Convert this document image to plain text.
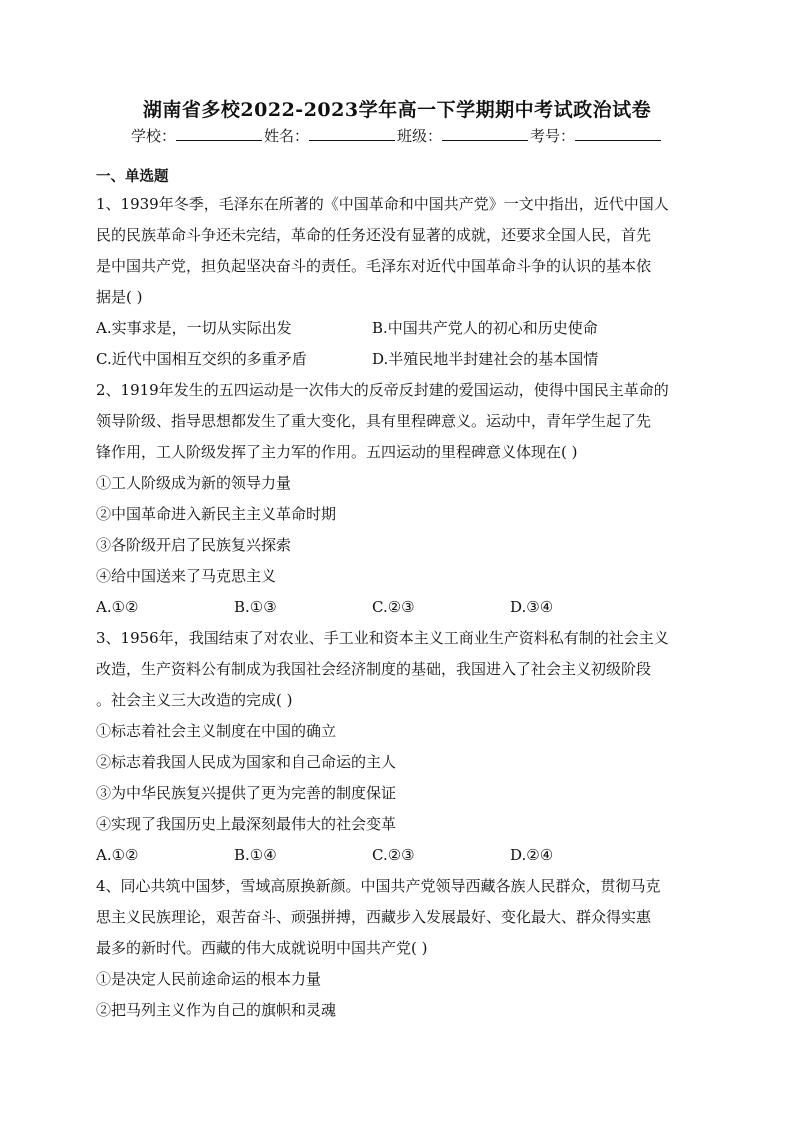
湖南省多校2022-2023学年高一下学期期中考试政治试卷
学校：	姓名：	班级：	考号：
一、单选题

1、1939年冬季，毛泽东在所著的《中国革命和中国共产党》一文中指出，近代中国人

民的民族革命斗争还未完结，革命的任务还没有显著的成就，还要求全国人民，首先

是中国共产党，担负起坚决奋斗的责任。毛泽东对近代中国革命斗争的认识的基本依

据是( )

A.实事求是，一切从实际出发	B.中国共产党人的初心和历史使命
C.近代中国相互交织的多重矛盾	D.半殖民地半封建社会的基本国情

2、1919年发生的五四运动是一次伟大的反帝反封建的爱国运动，使得中国民主革命的

领导阶级、指导思想都发生了重大变化，具有里程碑意义。运动中，青年学生起了先

锋作用，工人阶级发挥了主力军的作用。五四运动的里程碑意义体现在( )

①工人阶级成为新的领导力量

②中国革命进入新民主主义革命时期

③各阶级开启了民族复兴探索

④给中国送来了马克思主义

A.①②	B.①③	C.②③	D.③④

3、1956年，我国结束了对农业、手工业和资本主义工商业生产资料私有制的社会主义

改造，生产资料公有制成为我国社会经济制度的基础，我国进入了社会主义初级阶段

。社会主义三大改造的完成( )

①标志着社会主义制度在中国的确立

②标志着我国人民成为国家和自己命运的主人

③为中华民族复兴提供了更为完善的制度保证

④实现了我国历史上最深刻最伟大的社会变革

A.①②	B.①④	C.②③	D.②④

4、同心共筑中国梦，雪域高原换新颜。中国共产党领导西藏各族人民群众，贯彻马克

思主义民族理论，艰苦奋斗、顽强拼搏，西藏步入发展最好、变化最大、群众得实惠

最多的新时代。西藏的伟大成就说明中国共产党( )

①是决定人民前途命运的根本力量

②把马列主义作为自己的旗帜和灵魂
